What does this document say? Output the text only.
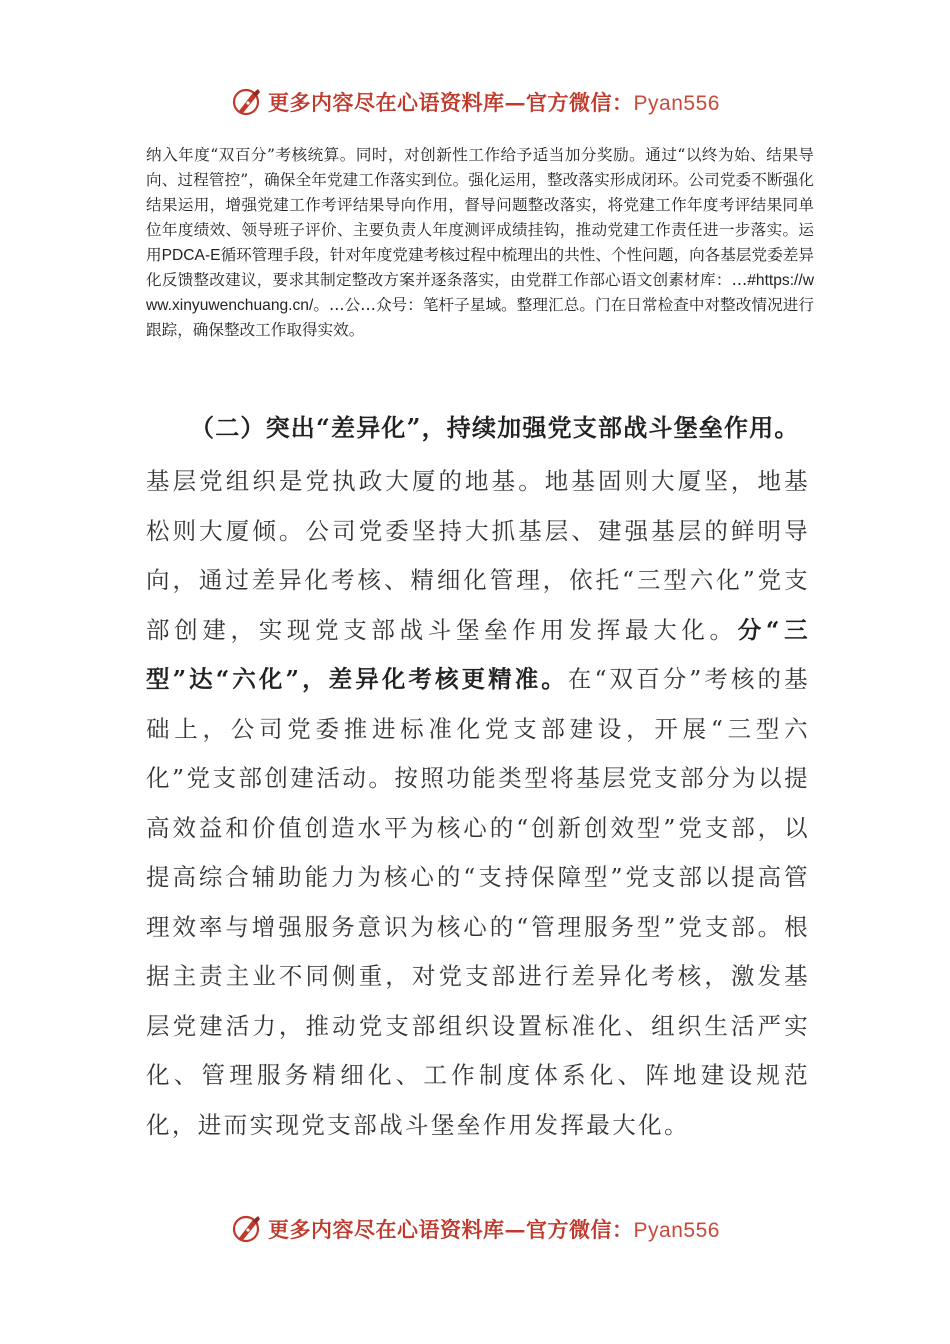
更多内容尽在心语资料库—官方微信：Pyan556
纳入年度“双百分”考核统算。同时，对创新性工作给予适当加分奖励。通过“以终为始、结果导向、过程管控”，确保全年党建工作落实到位。强化运用，整改落实形成闭环。公司党委不断强化结果运用，增强党建工作考评结果导向作用，督导问题整改落实，将党建工作年度考评结果同单位年度绩效、领导班子评价、主要负责人年度测评成绩挂钩，推动党建工作责任进一步落实。运用PDCA-E循环管理手段，针对年度党建考核过程中梳理出的共性、个性问题，向各基层党委差异化反馈整改建议，要求其制定整改方案并逐条落实，由党群工作部心语文创素材库：…#https://www.xinyuwenchuang.cn/。…公…众号：笔杆子星域。整理汇总。门在日常检查中对整改情况进行跟踪，确保整改工作取得实效。
（二）突出“差异化”，持续加强党支部战斗堡垒作用。
基层党组织是党执政大厦的地基。地基固则大厦坚，地基松则大厦倾。公司党委坚持大抓基层、建强基层的鲜明导向，通过差异化考核、精细化管理，依托“三型六化”党支部创建，实现党支部战斗堡垒作用发挥最大化。分“三型”达“六化”，差异化考核更精准。在“双百分”考核的基础上，公司党委推进标准化党支部建设，开展“三型六化”党支部创建活动。按照功能类型将基层党支部分为以提高效益和价值创造水平为核心的“创新创效型”党支部，以提高综合辅助能力为核心的“支持保障型”党支部以提高管理效率与增强服务意识为核心的“管理服务型”党支部。根据主责主业不同侧重，对党支部进行差异化考核，激发基层党建活力，推动党支部组织设置标准化、组织生活严实化、管理服务精细化、工作制度体系化、阵地建设规范化，进而实现党支部战斗堡垒作用发挥最大化。
更多内容尽在心语资料库—官方微信：Pyan556
